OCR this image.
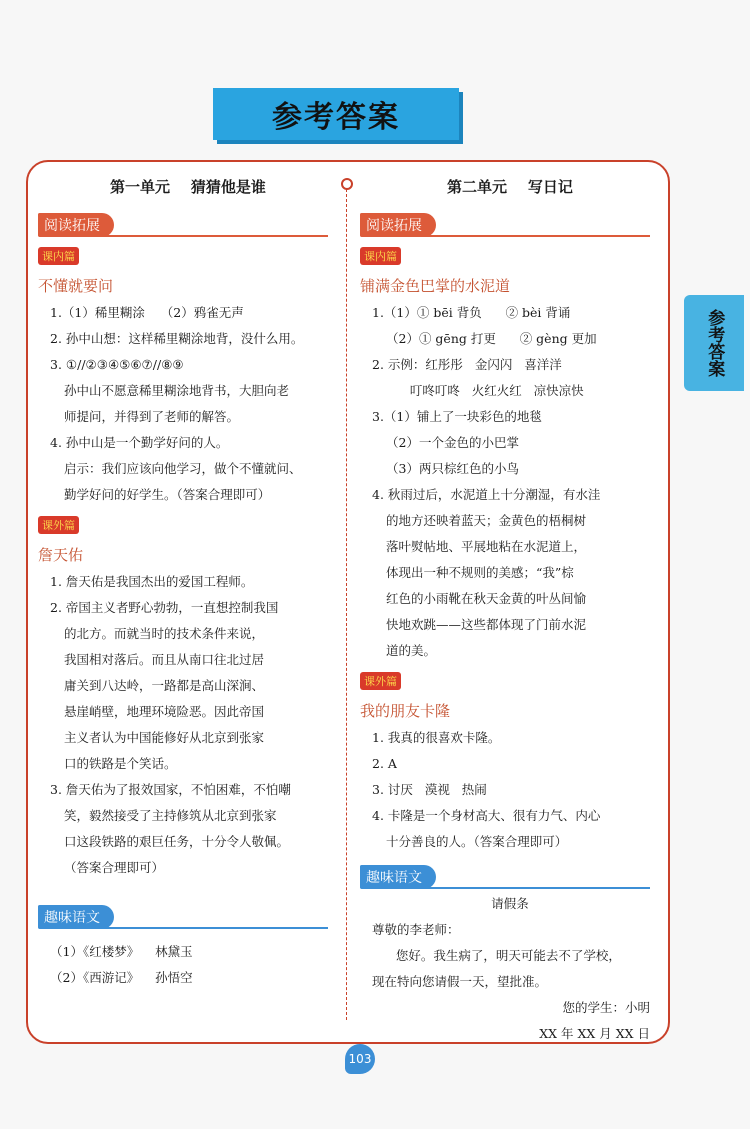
参考答案
参考答案
第一单元    猜猜他是谁
阅读拓展
课内篇
不懂就要问

1.（1）稀里糊涂    （2）鸦雀无声

2. 孙中山想：这样稀里糊涂地背，没什么用。

3. ①//②③④⑤⑥⑦//⑧⑨

孙中山不愿意稀里糊涂地背书，大胆向老

师提问，并得到了老师的解答。

4. 孙中山是一个勤学好问的人。

启示：我们应该向他学习，做个不懂就问、

勤学好问的好学生。（答案合理即可）

课外篇
詹天佑

1. 詹天佑是我国杰出的爱国工程师。

2. 帝国主义者野心勃勃，一直想控制我国

的北方。而就当时的技术条件来说，

我国相对落后。而且从南口往北过居

庸关到八达岭，一路都是高山深涧、

悬崖峭壁，地理环境险恶。因此帝国

主义者认为中国能修好从北京到张家

口的铁路是个笑话。

3. 詹天佑为了报效国家，不怕困难，不怕嘲

笑，毅然接受了主持修筑从北京到张家

口这段铁路的艰巨任务，十分令人敬佩。

（答案合理即可）

趣味语文

（1）《红楼梦》    林黛玉

（2）《西游记》    孙悟空

第二单元    写日记
阅读拓展
课内篇
铺满金色巴掌的水泥道

1.（1）① bēi 背负      ② bèi 背诵

（2）① gēng 打更      ② gèng 更加

2. 示例：红彤彤   金闪闪   喜洋洋

叮咚叮咚   火红火红   凉快凉快

3.（1）铺上了一块彩色的地毯

（2）一个金色的小巴掌

（3）两只棕红色的小鸟

4. 秋雨过后，水泥道上十分潮湿，有水洼

的地方还映着蓝天；金黄色的梧桐树

落叶熨帖地、平展地粘在水泥道上，

体现出一种不规则的美感；“我”棕

红色的小雨靴在秋天金黄的叶丛间愉

快地欢跳——这些都体现了门前水泥

道的美。

课外篇
我的朋友卡隆

1. 我真的很喜欢卡隆。

2. A

3. 讨厌   漠视   热闹

4. 卡隆是一个身材高大、很有力气、内心

十分善良的人。（答案合理即可）

趣味语文

请假条

尊敬的李老师：

您好。我生病了，明天可能去不了学校，

现在特向您请假一天，望批准。

您的学生：小明

XX 年 XX 月 XX 日

103
